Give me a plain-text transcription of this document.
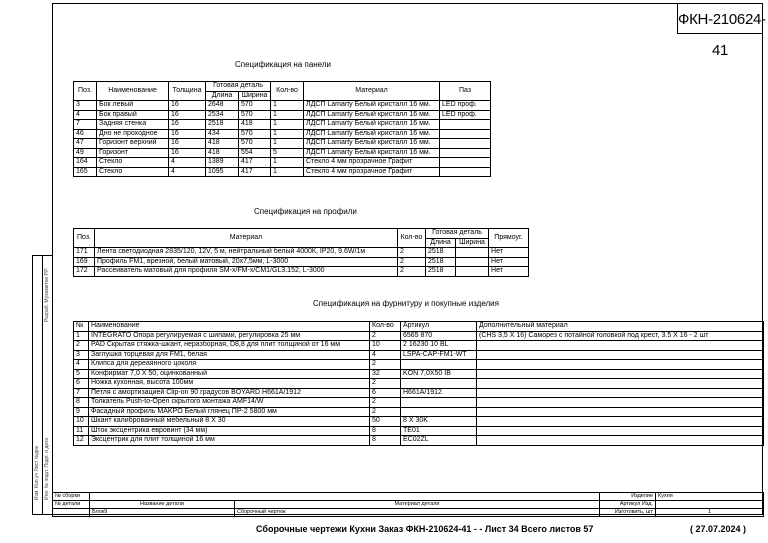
ФКН-210624-41
Спецификация на панели
Поз.	Наименование	Толщина	Готовая деталь		Кол-во	Материал	Паз
			Длина	Ширина			
3	Бок левый	16	2648	570	1	ЛДСП Lamarty Белый кристалл 16 мм.	LED проф.
4	Бок правый	16	2534	570	1	ЛДСП Lamarty Белый кристалл 16 мм.	LED проф.
7	Задняя стенка	16	2518	418	1	ЛДСП Lamarty Белый кристалл 16 мм.	
46	Дно не проходное	16	434	570	1	ЛДСП Lamarty Белый кристалл 16 мм.	
47	Горизонт верхний	16	418	570	1	ЛДСП Lamarty Белый кристалл 16 мм.	
49	Горизонт	16	418	554	5	ЛДСП Lamarty Белый кристалл 16 мм.	
164	Стекло	4	1389	417	1	Стекло 4 мм прозрачное Графит	
165	Стекло	4	1095	417	1	Стекло 4 мм прозрачное Графит	
Спецификация на профили
Поз.	Материал	Кол-во	Готовая деталь		Прямоуг.
			Длина	Ширина	
171	Лента светодиодная 2835/120, 12V, 5 м, нейтральный белый 4000К, IP20, 9.6W/1м	2	2518		Нет
169	Профиль FM1, врезной, белый матовый, 20x7,5мм, L-3000	2	2518		Нет
172	Рассеиватель матовый для профиля SM-x/FM-x/CM1/GL3.152, L-3000	2	2518		Нет
Спецификация на фурнитуру и покупные изделия
№	Наименование	Кол-во	Артикул	Дополнительный материал
1	INTEGRATO Опора регулируемая с шипами, регулировка 25 мм	2	6565 870	(CHS 3,5 X 16) Саморез с потайной головкой под крест, 3.5 X 16 - 2 шт
2	PAD Скрытая стяжка-шкант, неразборная, D8,8 для плит толщиной от 16 мм	10	2 16230 10 BL	
3	Заглушка торцевая для FM1, белая	4	LSPA-CAP-FM1-WT	
4	Клипса для дереаянного цоколя	2		
5	Конфирмат 7,0 X 50, оцинкованный	32	KON 7,0X50 IB	
6	Ножка кухонная, высота 100мм	2		
7	Петля с амортизацией Clip-on 90 градусов BOYARD H661A/1912	6	H661A/1912	
8	Толкатель Push-to-Open скрытого монтажа AMF14/W	2		
9	Фасадный профиль MAKPO Белый глянец ПР-2 5800 мм	2		
10	Шкант калиброванный мебельный 8 X 30	50	8 X 30K	
11	Шток эксцентрика евровинт (34 мм)	8	TE01	
12	Эксцентрик для плит толщиной 16 мм	8	EC02ZL	
Изм. Кол.уч Лист №док Инв. № подл. Подп. и дата
Разраб. Мухаметов Р.Р.
№ сборки			Изделие	Кухня
№ детали	Название детали	Материал детали	Артикул Изд.	
	Блок9	Сборочный чертеж	Изготовить, шт	1
Сборочные чертежи Кухни Заказ ФКН-210624-41 - - Лист 34 Всего листов 57	( 27.07.2024 )
